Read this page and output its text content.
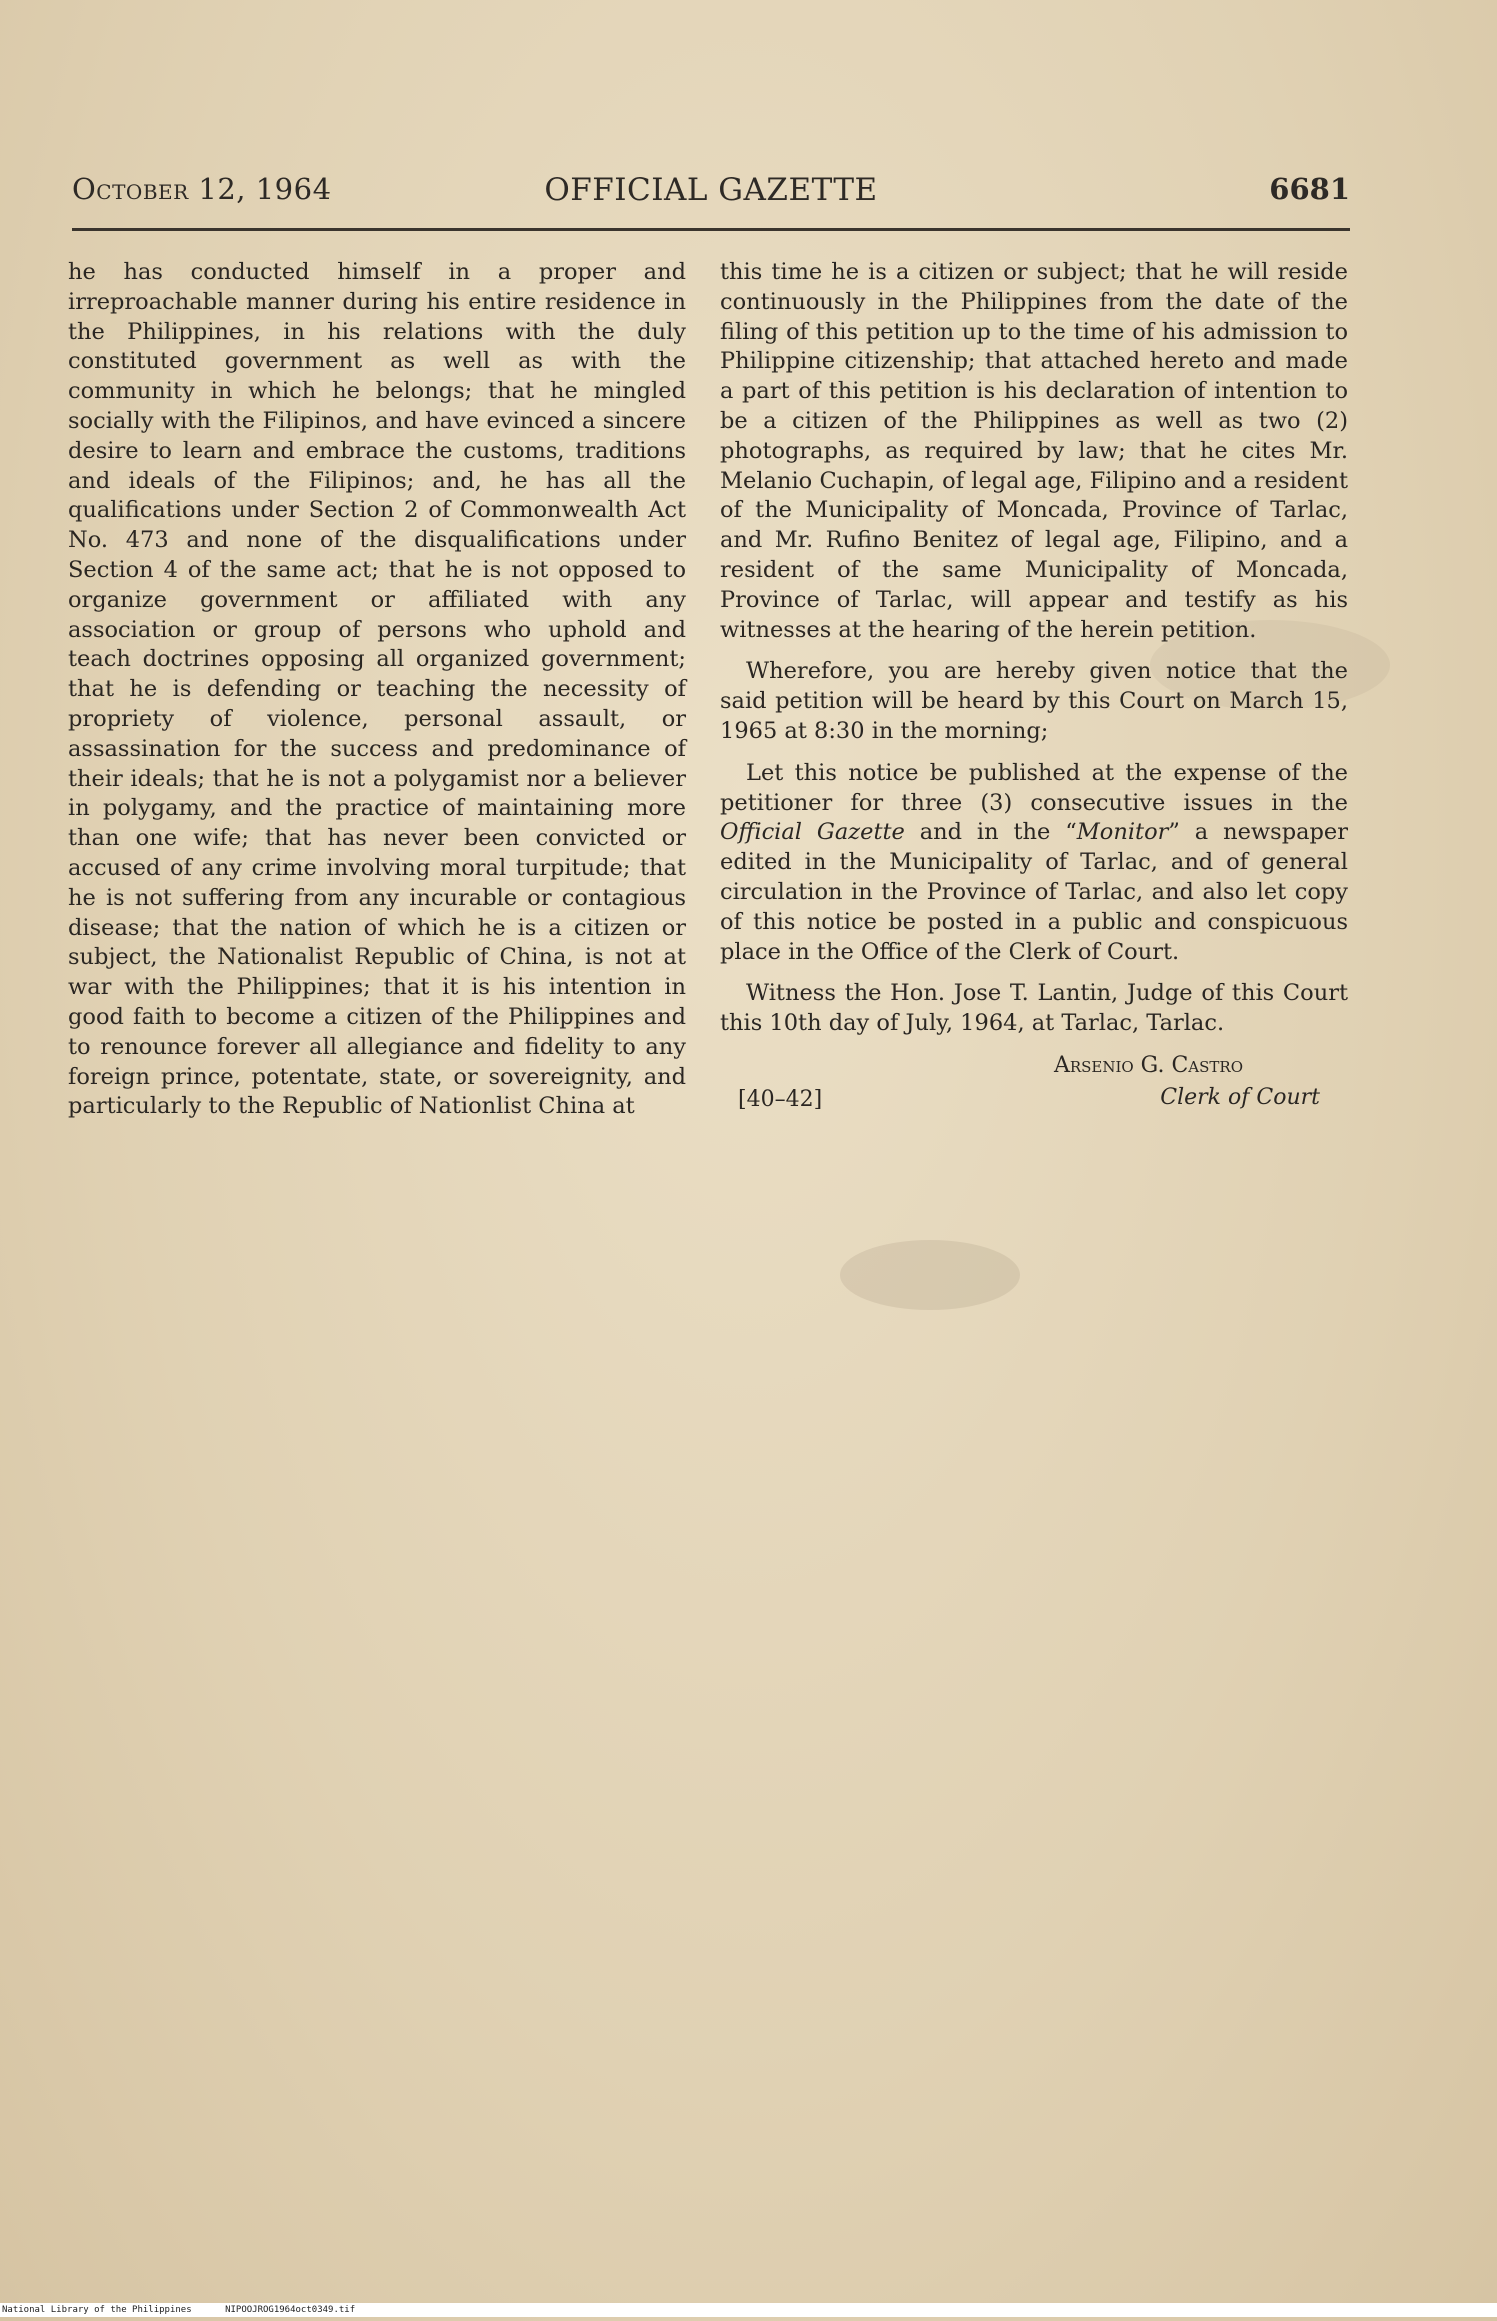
October 12, 1964	OFFICIAL GAZETTE	6681

he has conducted himself in a proper and irreproachable manner during his entire residence in the Philippines, in his relations with the duly constituted government as well as with the community in which he belongs; that he mingled socially with the Filipinos, and have evinced a sincere desire to learn and embrace the customs, traditions and ideals of the Filipinos; and, he has all the qualifications under Section 2 of Commonwealth Act No. 473 and none of the disqualifications under Section 4 of the same act; that he is not opposed to organize government or affiliated with any association or group of persons who uphold and teach doctrines opposing all organized government; that he is defending or teaching the necessity of propriety of violence, personal assault, or assassination for the success and predominance of their ideals; that he is not a polygamist nor a believer in polygamy, and the practice of maintaining more than one wife; that has never been convicted or accused of any crime involving moral turpitude; that he is not suffering from any incurable or contagious disease; that the nation of which he is a citizen or subject, the Nationalist Republic of China, is not at war with the Philippines; that it is his intention in good faith to become a citizen of the Philippines and to renounce forever all allegiance and fidelity to any foreign prince, potentate, state, or sovereignity, and particularly to the Republic of Nationlist China at

this time he is a citizen or subject; that he will reside continuously in the Philippines from the date of the filing of this petition up to the time of his admission to Philippine citizenship; that attached hereto and made a part of this petition is his declaration of intention to be a citizen of the Philippines as well as two (2) photographs, as required by law; that he cites Mr. Melanio Cuchapin, of legal age, Filipino and a resident of the Municipality of Moncada, Province of Tarlac, and Mr. Rufino Benitez of legal age, Filipino, and a resident of the same Municipality of Moncada, Province of Tarlac, will appear and testify as his witnesses at the hearing of the herein petition.

Wherefore, you are hereby given notice that the said petition will be heard by this Court on March 15, 1965 at 8:30 in the morning;

Let this notice be published at the expense of the petitioner for three (3) consecutive issues in the Official Gazette and in the “Monitor” a newspaper edited in the Municipality of Tarlac, and of general circulation in the Province of Tarlac, and also let copy of this notice be posted in a public and conspicuous place in the Office of the Clerk of Court.

Witness the Hon. Jose T. Lantin, Judge of this Court this 10th day of July, 1964, at Tarlac, Tarlac.

Arsenio G. Castro
[40–42]	Clerk of Court
National Library of the Philippines	NIPOOJROG1964oct0349.tif
